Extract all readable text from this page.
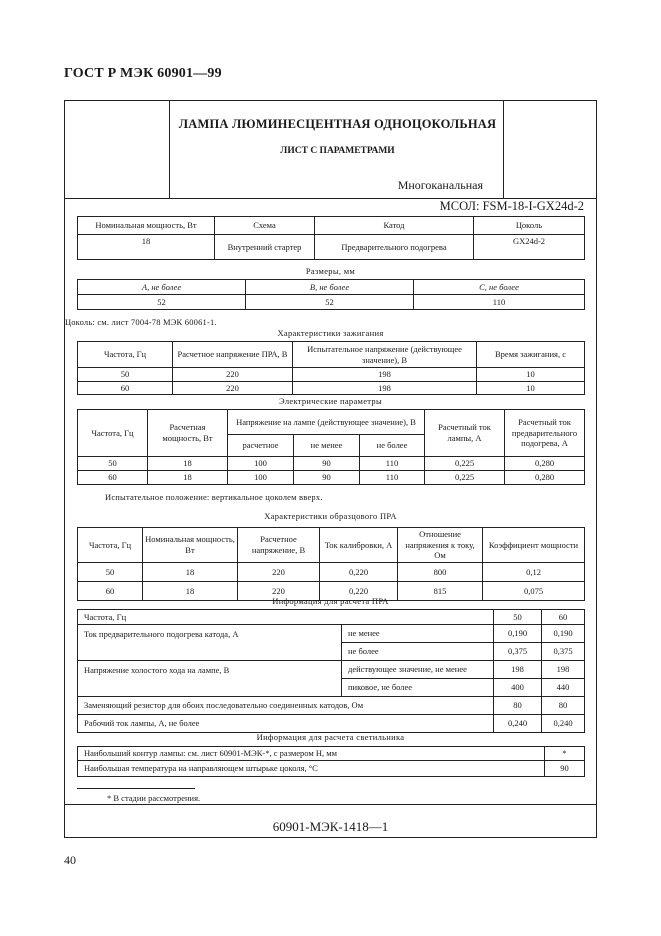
ГОСТ Р МЭК 60901—99
ЛАМПА ЛЮМИНЕСЦЕНТНАЯ ОДНОЦОКОЛЬНАЯ
ЛИСТ С ПАРАМЕТРАМИ
Многоканальная
МСОЛ: FSM-18-I-GX24d-2
Номинальная мощность, Вт	Схема	Катод	Цоколь
18	Внутренний стартер	Предварительного подогрева	GX24d-2
Размеры, мм
А, не более	В, не более	С, не более
52	52	110
Цоколь: см. лист 7004-78 МЭК 60061-1.
Характеристики зажигания
Частота, Гц	Расчетное напряжение ПРА, В	Испытательное напряжение (действующее значение), В	Время зажигания, с
50	220	198	10
60	220	198	10
Электрические параметры
Частота, Гц	Расчетная мощность, Вт	Напряжение на лампе (действующее значение), В			Расчетный ток лампы, А	Расчетный ток предварительного подогрева, А
		расчетное	не менее	не более		
50	18	100	90	110	0,225	0,280
60	18	100	90	110	0,225	0,280
Испытательное положение: вертикальное цоколем вверх.
Характеристики образцового ПРА
Частота, Гц	Номинальная мощность, Вт	Расчетное напряжение, В	Ток калибровки, А	Отношение напряжения к току, Ом	Коэффициент мощности
50	18	220	0,220	800	0,12
60	18	220	0,220	815	0,075
Информация для расчета ПРА
Частота, Гц		50	60
Ток предварительного подогрева катода, А	не менее	0,190	0,190
	не более	0,375	0,375
Напряжение холостого хода на лампе, В	действующее значение, не менее	198	198
	пиковое, не более	400	440
Заменяющий резистор для обоих последовательно соединенных катодов, Ом		80	80
Рабочий ток лампы, А, не более		0,240	0,240
Информация для расчета светильника
Наибольший контур лампы: см. лист 60901-МЭК-*, с размером H, мм	*
Наибольшая температура на направляющем штырьке цоколя, °С	90
* В стадии рассмотрения.
60901-МЭК-1418—1
40
